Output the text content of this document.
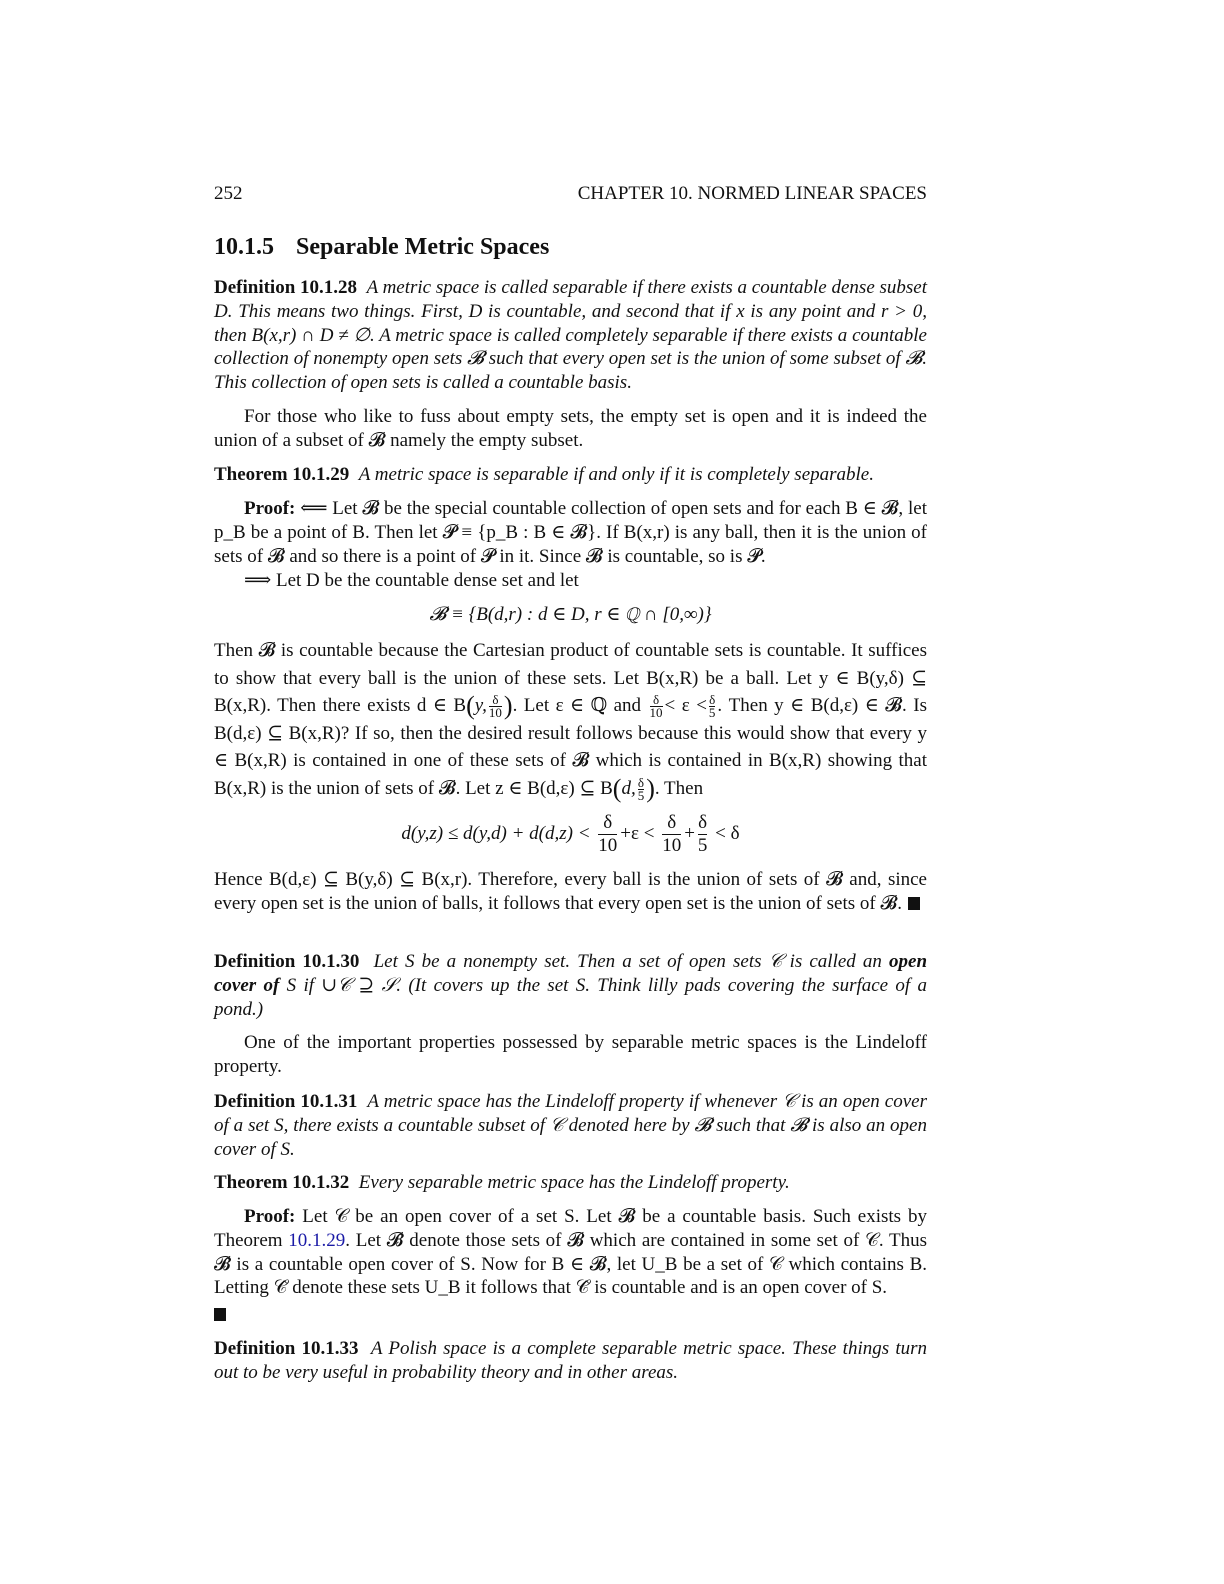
252	CHAPTER 10. NORMED LINEAR SPACES
10.1.5 Separable Metric Spaces
Definition 10.1.28 A metric space is called separable if there exists a countable dense subset D. This means two things. First, D is countable, and second that if x is any point and r > 0, then B(x,r) ∩ D ≠ ∅. A metric space is called completely separable if there exists a countable collection of nonempty open sets 𝓑 such that every open set is the union of some subset of 𝓑. This collection of open sets is called a countable basis.
For those who like to fuss about empty sets, the empty set is open and it is indeed the union of a subset of 𝓑 namely the empty subset.
Theorem 10.1.29 A metric space is separable if and only if it is completely separable.
Proof: ⟸ Let 𝓑 be the special countable collection of open sets and for each B ∈ 𝓑, let p_B be a point of B. Then let 𝓟 ≡ {p_B : B ∈ 𝓑}. If B(x,r) is any ball, then it is the union of sets of 𝓑 and so there is a point of 𝓟 in it. Since 𝓑 is countable, so is 𝓟.
⟹ Let D be the countable dense set and let
𝓑 ≡ {B(d,r) : d ∈ D, r ∈ ℚ ∩ [0,∞)}
Then 𝓑 is countable because the Cartesian product of countable sets is countable. It suffices to show that every ball is the union of these sets. Let B(x,R) be a ball. Let y ∈ B(y,δ) ⊆ B(x,R). Then there exists d ∈ B(y, $\frac{\delta}{10}$ ). Let ε ∈ ℚ and $\frac{\delta}{10} < \varepsilon < \frac{\delta}{5}$ . Then y ∈ B(d,ε) ∈ 𝓑. Is B(d,ε) ⊆ B(x,R)? If so, then the desired result follows because this would show that every y ∈ B(x,R) is contained in one of these sets of 𝓑 which is contained in B(x,R) showing that B(x,R) is the union of sets of 𝓑. Let z ∈ B(d,ε) ⊆ B(d, $\frac{\delta}{5}$ ). Then
$d(y,z) \le d(y,d) + d(d,z) < \frac{\delta}{10} +\varepsilon < \frac{\delta}{10} + \frac{\delta}{5} < \delta$
Hence B(d,ε) ⊆ B(y,δ) ⊆ B(x,r). Therefore, every ball is the union of sets of 𝓑 and, since every open set is the union of balls, it follows that every open set is the union of sets of 𝓑.
Definition 10.1.30 Let S be a nonempty set. Then a set of open sets 𝒞 is called an open cover of S if ∪𝒞 ⊇ 𝒮. (It covers up the set S. Think lilly pads covering the surface of a pond.)
One of the important properties possessed by separable metric spaces is the Lindeloff property.
Definition 10.1.31 A metric space has the Lindeloff property if whenever 𝒞 is an open cover of a set S, there exists a countable subset of 𝒞 denoted here by 𝓑 such that 𝓑 is also an open cover of S.
Theorem 10.1.32 Every separable metric space has the Lindeloff property.
Proof: Let 𝒞 be an open cover of a set S. Let 𝓑 be a countable basis. Such exists by Theorem 10.1.29. Let 𝓑̂ denote those sets of 𝓑 which are contained in some set of 𝒞. Thus 𝓑̂ is a countable open cover of S. Now for B ∈ 𝓑, let U_B be a set of 𝒞 which contains B. Letting 𝒞̂ denote these sets U_B it follows that 𝒞̂ is countable and is an open cover of S.
Definition 10.1.33 A Polish space is a complete separable metric space. These things turn out to be very useful in probability theory and in other areas.
